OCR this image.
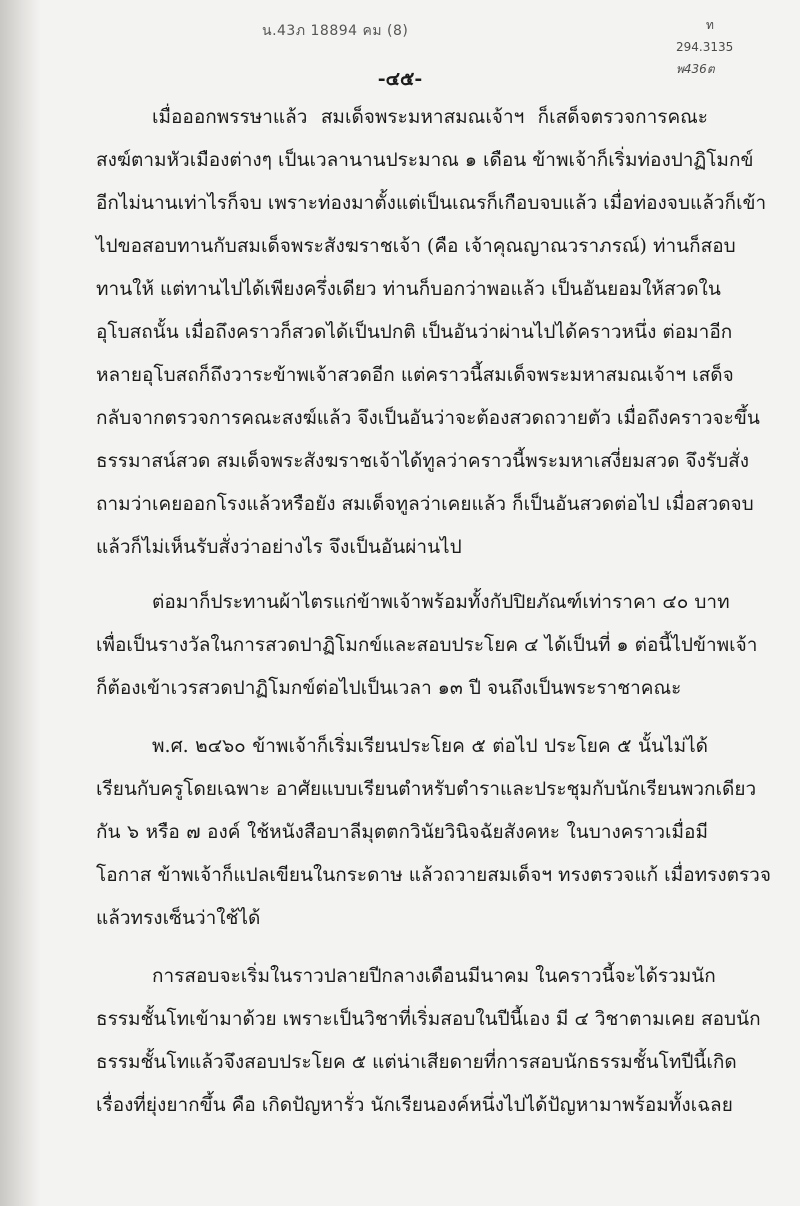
น.43ภ 18894 คม (8)	ท
294.3135
พ436ต
-๔๕-
เมื่อออกพรรษาแล้ว สมเด็จพระมหาสมณเจ้าฯ ก็เสด็จตรวจการคณะ
สงฆ์ตามหัวเมืองต่างๆ เป็นเวลานานประมาณ ๑ เดือน ข้าพเจ้าก็เริ่มท่องปาฏิโมกข์
อีกไม่นานเท่าไรก็จบ เพราะท่องมาตั้งแต่เป็นเณรก็เกือบจบแล้ว เมื่อท่องจบแล้วก็เข้า
ไปขอสอบทานกับสมเด็จพระสังฆราชเจ้า (คือ เจ้าคุณญาณวราภรณ์) ท่านก็สอบ
ทานให้ แต่ทานไปได้เพียงครึ่งเดียว ท่านก็บอกว่าพอแล้ว เป็นอันยอมให้สวดใน
อุโบสถนั้น เมื่อถึงคราวก็สวดได้เป็นปกติ เป็นอันว่าผ่านไปได้คราวหนึ่ง ต่อมาอีก
หลายอุโบสถก็ถึงวาระข้าพเจ้าสวดอีก แต่คราวนี้สมเด็จพระมหาสมณเจ้าฯ เสด็จ
กลับจากตรวจการคณะสงฆ์แล้ว จึงเป็นอันว่าจะต้องสวดถวายตัว เมื่อถึงคราวจะขึ้น
ธรรมาสน์สวด สมเด็จพระสังฆราชเจ้าได้ทูลว่าคราวนี้พระมหาเสงี่ยมสวด จึงรับสั่ง
ถามว่าเคยออกโรงแล้วหรือยัง สมเด็จทูลว่าเคยแล้ว ก็เป็นอันสวดต่อไป เมื่อสวดจบ
แล้วก็ไม่เห็นรับสั่งว่าอย่างไร จึงเป็นอันผ่านไป
ต่อมาก็ประทานผ้าไตรแก่ข้าพเจ้าพร้อมทั้งกัปปิยภัณฑ์เท่าราคา ๔๐ บาท
เพื่อเป็นรางวัลในการสวดปาฏิโมกข์และสอบประโยค ๔ ได้เป็นที่ ๑ ต่อนี้ไปข้าพเจ้า
ก็ต้องเข้าเวรสวดปาฏิโมกข์ต่อไปเป็นเวลา ๑๓ ปี จนถึงเป็นพระราชาคณะ
พ.ศ. ๒๔๖๐ ข้าพเจ้าก็เริ่มเรียนประโยค ๕ ต่อไป ประโยค ๕ นั้นไม่ได้
เรียนกับครูโดยเฉพาะ อาศัยแบบเรียนตำหรับตำราและประชุมกับนักเรียนพวกเดียว
กัน ๖ หรือ ๗ องค์ ใช้หนังสือบาลีมุตตกวินัยวินิจฉัยสังคหะ ในบางคราวเมื่อมี
โอกาส ข้าพเจ้าก็แปลเขียนในกระดาษ แล้วถวายสมเด็จฯ ทรงตรวจแก้ เมื่อทรงตรวจ
แล้วทรงเซ็นว่าใช้ได้
การสอบจะเริ่มในราวปลายปีกลางเดือนมีนาคม ในคราวนี้จะได้รวมนัก
ธรรมชั้นโทเข้ามาด้วย เพราะเป็นวิชาที่เริ่มสอบในปีนี้เอง มี ๔ วิชาตามเคย สอบนัก
ธรรมชั้นโทแล้วจึงสอบประโยค ๕ แต่น่าเสียดายที่การสอบนักธรรมชั้นโทปีนี้เกิด
เรื่องที่ยุ่งยากขึ้น คือ เกิดปัญหารั่ว นักเรียนองค์หนึ่งไปได้ปัญหามาพร้อมทั้งเฉลย
